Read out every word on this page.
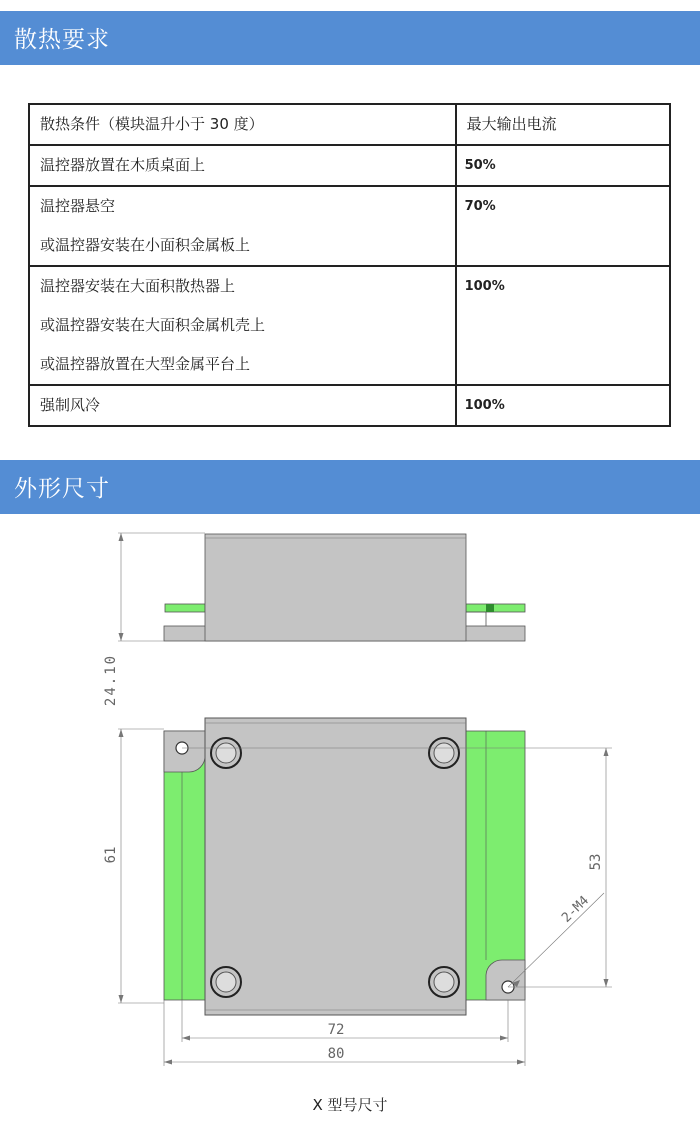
散热要求
散热条件（模块温升小于 30 度）	最大输出电流

温控器放置在木质桌面上	50%

温控器悬空
或温控器安装在小面积金属板上	70%

温控器安装在大面积散热器上
或温控器安装在大面积金属机壳上
或温控器放置在大型金属平台上	100%

强制风冷	100%
外形尺寸
24.10
61	53
2-M4
72
80
X 型号尺寸
